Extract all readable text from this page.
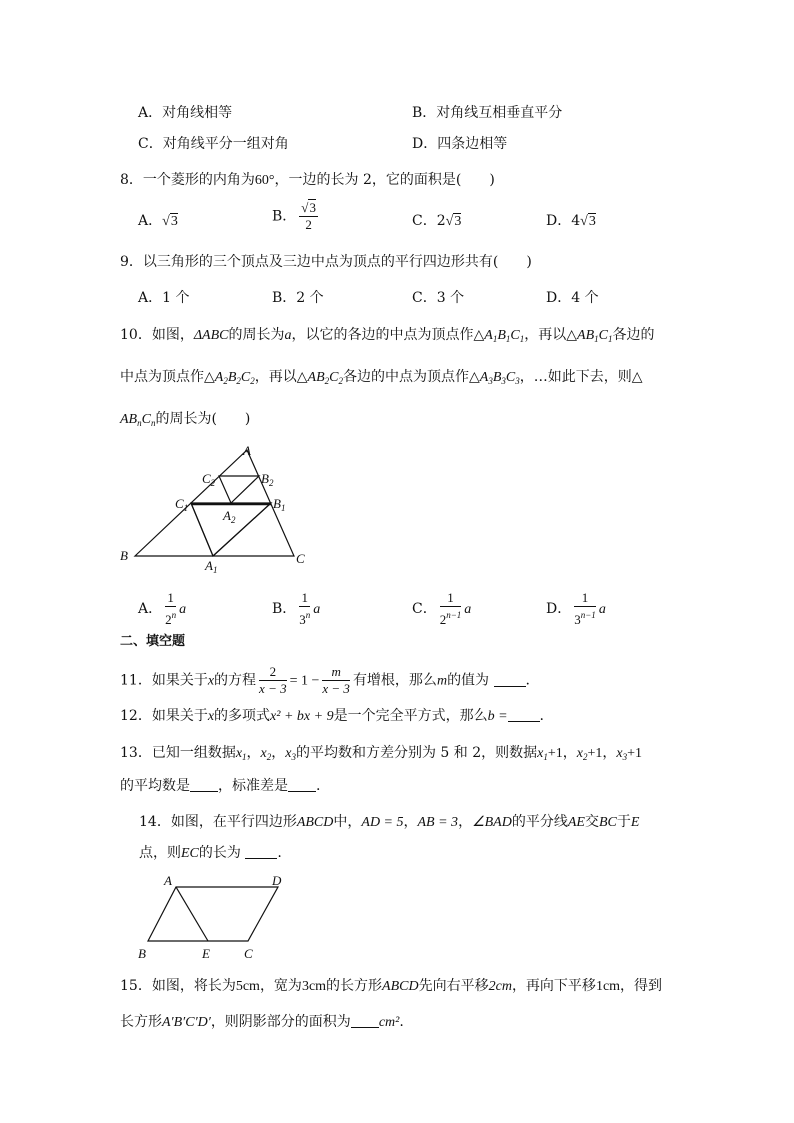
A．对角线相等	B．对角线互相垂直平分
C．对角线平分一组对角	D．四条边相等
8．一个菱形的内角为60°，一边的长为 2，它的面积是(　　)
A．√3	B． $\frac{√3}{2}$	C．2√3	D．4√3
9．以三角形的三个顶点及三边中点为顶点的平行四边形共有(　　)
A．1 个	B．2 个	C．3 个	D．4 个
10．如图，ΔABC的周长为a，以它的各边的中点为顶点作$\triangle A_1B_1C_1$，再以$\triangle AB_1C_1$各边的
中点为顶点作$\triangle A_2B_2C_2$，再以$\triangle AB_2C_2$各边的中点为顶点作$\triangle A_3B_3C_3$，…如此下去，则△
$AB_nC_n$的周长为(　　)
A
$C_2$	$B_2$
$C_1$	$B_1$
$A_2$
B	C
$A_1$
A． $\frac{1}{2^n}$ a	B． $\frac{1}{3^n}$ a	C． $\frac{1}{2^{n-1}}$ a	D． $\frac{1}{3^{n-1}}$ a
二、填空题
11．如果关于x的方程 $\frac{2}{x - 3} = 1 - \frac{m}{x - 3}$ 有增根，那么m的值为	.
12．如果关于x的多项式x² + bx + 9是一个完全平方式，那么b = .
13．已知一组数据$x_1$，$x_2$，$x_3$的平均数和方差分别为 5 和 2，则数据$x_1+1$，$x_2+1$，$x_3+1$
的平均数是 ，标准差是 .
14．如图，在平行四边形ABCD中，AD = 5，AB = 3，∠BAD的平分线AE交BC于E
点，则EC的长为	.
A	D
B	E	C
15．如图，将长为5cm，宽为3cm的长方形ABCD先向右平移2cm，再向下平移1cm，得到
长方形A′B′C′D′，则阴影部分的面积为 cm².
